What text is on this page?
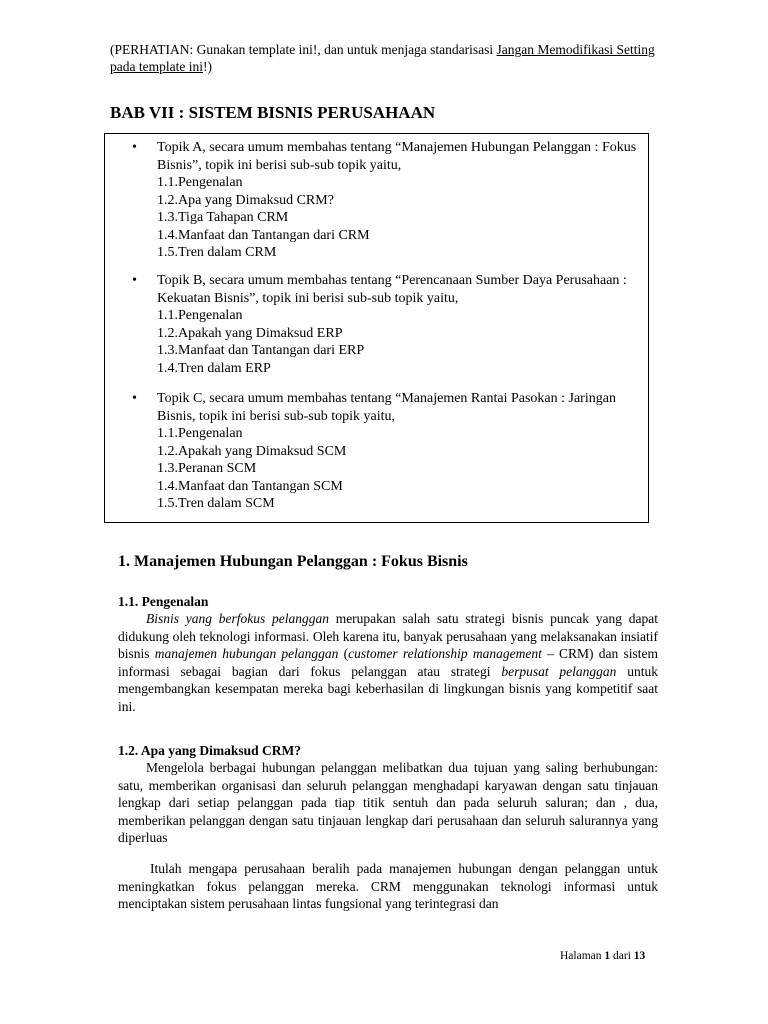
(PERHATIAN: Gunakan template ini!, dan untuk menjaga standarisasi Jangan Memodifikasi Setting pada template ini!)
BAB VII : SISTEM BISNIS PERUSAHAAN
• Topik A, secara umum membahas tentang “Manajemen Hubungan Pelanggan : Fokus Bisnis”, topik ini berisi sub-sub topik yaitu,
1.1.Pengenalan
1.2.Apa yang Dimaksud CRM?
1.3.Tiga Tahapan CRM
1.4.Manfaat dan Tantangan dari CRM
1.5.Tren dalam CRM
• Topik B, secara umum membahas tentang “Perencanaan Sumber Daya Perusahaan : Kekuatan Bisnis”, topik ini berisi sub-sub topik yaitu,
1.1.Pengenalan
1.2.Apakah yang Dimaksud ERP
1.3.Manfaat dan Tantangan dari ERP
1.4.Tren dalam ERP
• Topik C, secara umum membahas tentang “Manajemen Rantai Pasokan : Jaringan Bisnis, topik ini berisi sub-sub topik yaitu,
1.1.Pengenalan
1.2.Apakah yang Dimaksud SCM
1.3.Peranan SCM
1.4.Manfaat dan Tantangan SCM
1.5.Tren dalam SCM
1. Manajemen Hubungan Pelanggan : Fokus Bisnis
1.1. Pengenalan

Bisnis yang berfokus pelanggan merupakan salah satu strategi bisnis puncak yang dapat didukung oleh teknologi informasi. Oleh karena itu, banyak perusahaan yang melaksanakan insiatif bisnis manajemen hubungan pelanggan (customer relationship management – CRM) dan sistem informasi sebagai bagian dari fokus pelanggan atau strategi berpusat pelanggan untuk mengembangkan kesempatan mereka bagi keberhasilan di lingkungan bisnis yang kompetitif saat ini.

1.2. Apa yang Dimaksud CRM?

Mengelola berbagai hubungan pelanggan melibatkan dua tujuan yang saling berhubungan: satu, memberikan organisasi dan seluruh pelanggan menghadapi karyawan dengan satu tinjauan lengkap dari setiap pelanggan pada tiap titik sentuh dan pada seluruh saluran; dan , dua, memberikan pelanggan dengan satu tinjauan lengkap dari perusahaan dan seluruh salurannya yang diperluas

Itulah mengapa perusahaan beralih pada manajemen hubungan dengan pelanggan untuk meningkatkan fokus pelanggan mereka. CRM menggunakan teknologi informasi untuk menciptakan sistem perusahaan lintas fungsional yang terintegrasi dan

Halaman 1 dari 13
